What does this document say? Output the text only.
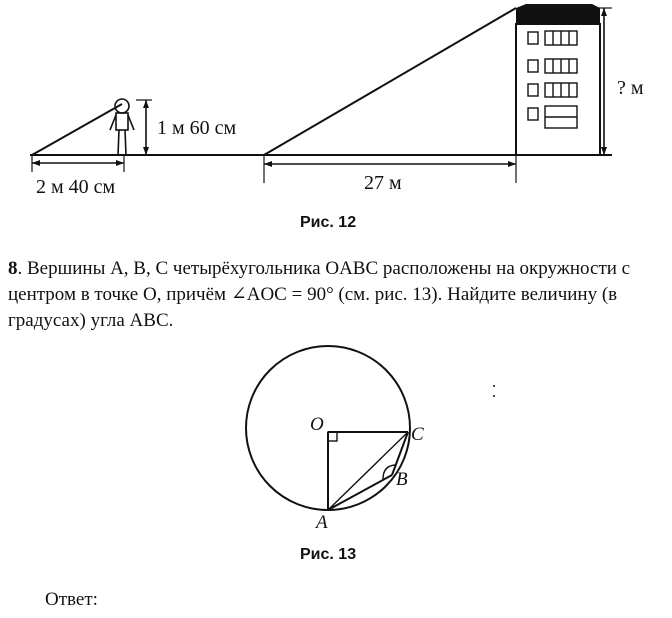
1 м 60 см
2 м 40 см	27 м
? м
O	C
B
A
Рис. 12
8. Вершины A, B, C четырёхугольника OABC расположены на окружности с центром в точке O, причём ∠AOC = 90° (см. рис. 13). Найдите величину (в градусах) угла ABC.
Рис. 13
Ответ:
